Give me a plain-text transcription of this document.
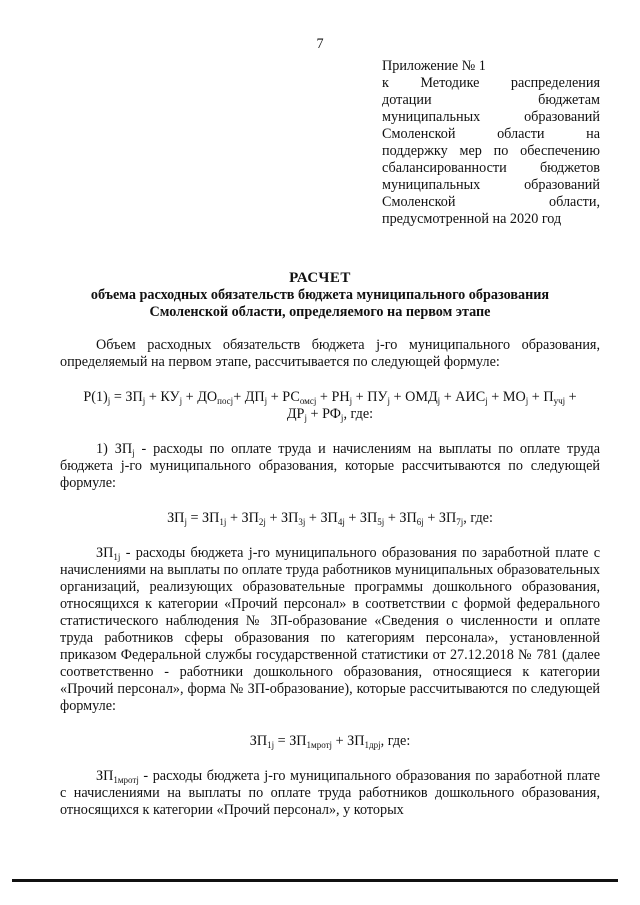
7
Приложение № 1
к Методике распределения
дотации бюджетам
муниципальных образований
Смоленской области на
поддержку мер по обеспечению
сбалансированности бюджетов
муниципальных образований
Смоленской области,
предусмотренной на 2020 год
РАСЧЕТ
объема расходных обязательств бюджета муниципального образования
Смоленской области, определяемого на первом этапе
Объем расходных обязательств бюджета j-го муниципального образования, определяемый на первом этапе, рассчитывается по следующей формуле:
$P(1)_j = ЗП_j + КУ_j + ДО_{посj}+ ДП_j + РС_{омсj} + PH_j + ПУ_j + ОМД_j + АИС_j + МО_j + П_{учj}$ +
$ДР_j + РФ_j$, где:
1) $ЗП_j$ - расходы по оплате труда и начислениям на выплаты по оплате труда бюджета j-го муниципального образования, которые рассчитываются по следующей формуле:
$ЗП_j = ЗП_{1j} + ЗП_{2j} + ЗП_{3j} + ЗП_{4j} + ЗП_{5j} + ЗП_{6j} + ЗП_{7j}$, где:
$ЗП_{1j}$ - расходы бюджета j-го муниципального образования по заработной плате с начислениями на выплаты по оплате труда работников муниципальных образовательных организаций, реализующих образовательные программы дошкольного образования, относящихся к категории «Прочий персонал» в соответствии с формой федерального статистического наблюдения № ЗП-образование «Сведения о численности и оплате труда работников сферы образования по категориям персонала», установленной приказом Федеральной службы государственной статистики от 27.12.2018 № 781 (далее соответственно - работники дошкольного образования, относящиеся к категории «Прочий персонал», форма № ЗП-образование), которые рассчитываются по следующей формуле:
$ЗП_{1j} = ЗП_{1мротj} + ЗП_{1дрj}$, где:
$ЗП_{1мротj}$ - расходы бюджета j-го муниципального образования по заработной плате с начислениями на выплаты по оплате труда работников дошкольного образования, относящихся к категории «Прочий персонал», у которых
